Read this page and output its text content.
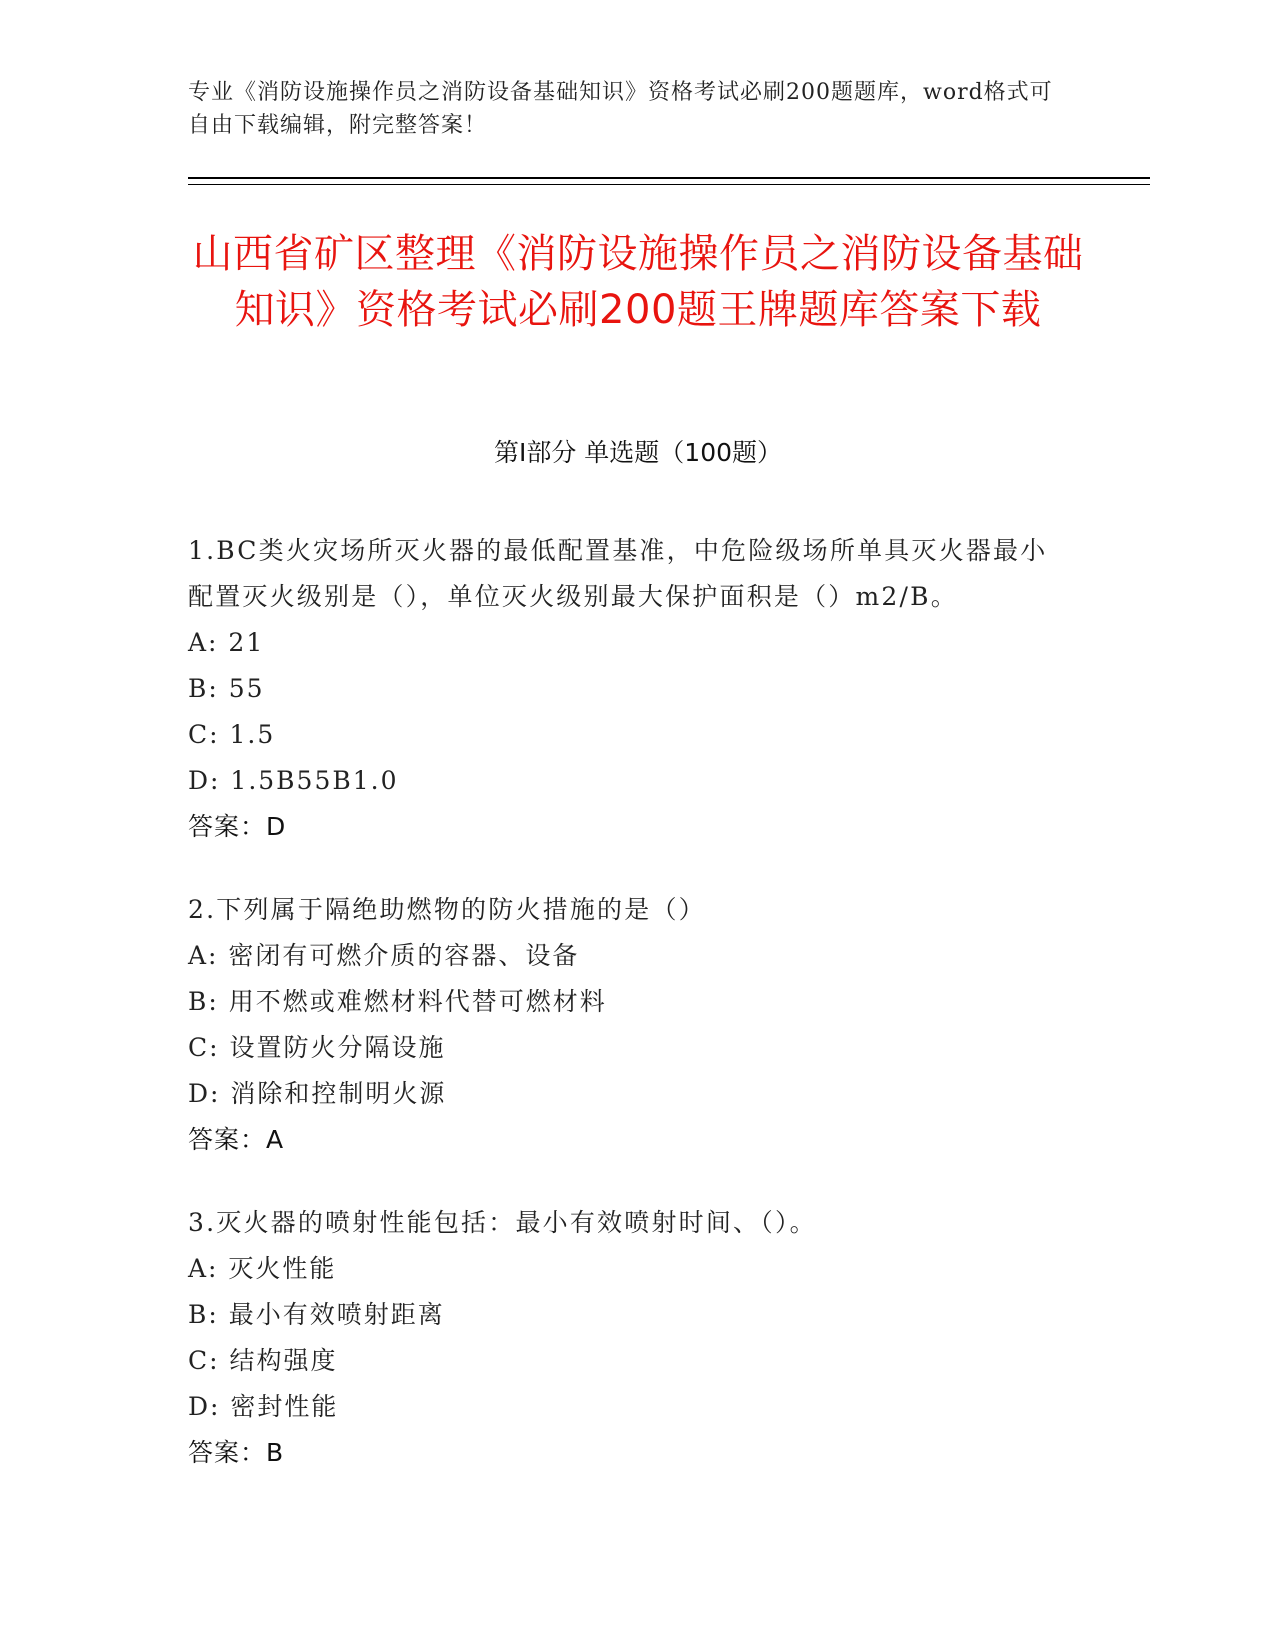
专业《消防设施操作员之消防设备基础知识》资格考试必刷200题题库，word格式可自由下载编辑，附完整答案！
山西省矿区整理《消防设施操作员之消防设备基础知识》资格考试必刷200题王牌题库答案下载
第Ⅰ部分 单选题（100题）

1.BC类火灾场所灭火器的最低配置基准，中危险级场所单具灭火器最小配置灭火级别是（），单位灭火级别最大保护面积是（）m2/B。

A: 21

B: 55

C: 1.5

D: 1.5B55B1.0

答案：D

2.下列属于隔绝助燃物的防火措施的是（）

A: 密闭有可燃介质的容器、设备

B: 用不燃或难燃材料代替可燃材料

C: 设置防火分隔设施

D: 消除和控制明火源

答案：A

3.灭火器的喷射性能包括：最小有效喷射时间、（）。

A: 灭火性能

B: 最小有效喷射距离

C: 结构强度

D: 密封性能

答案：B
